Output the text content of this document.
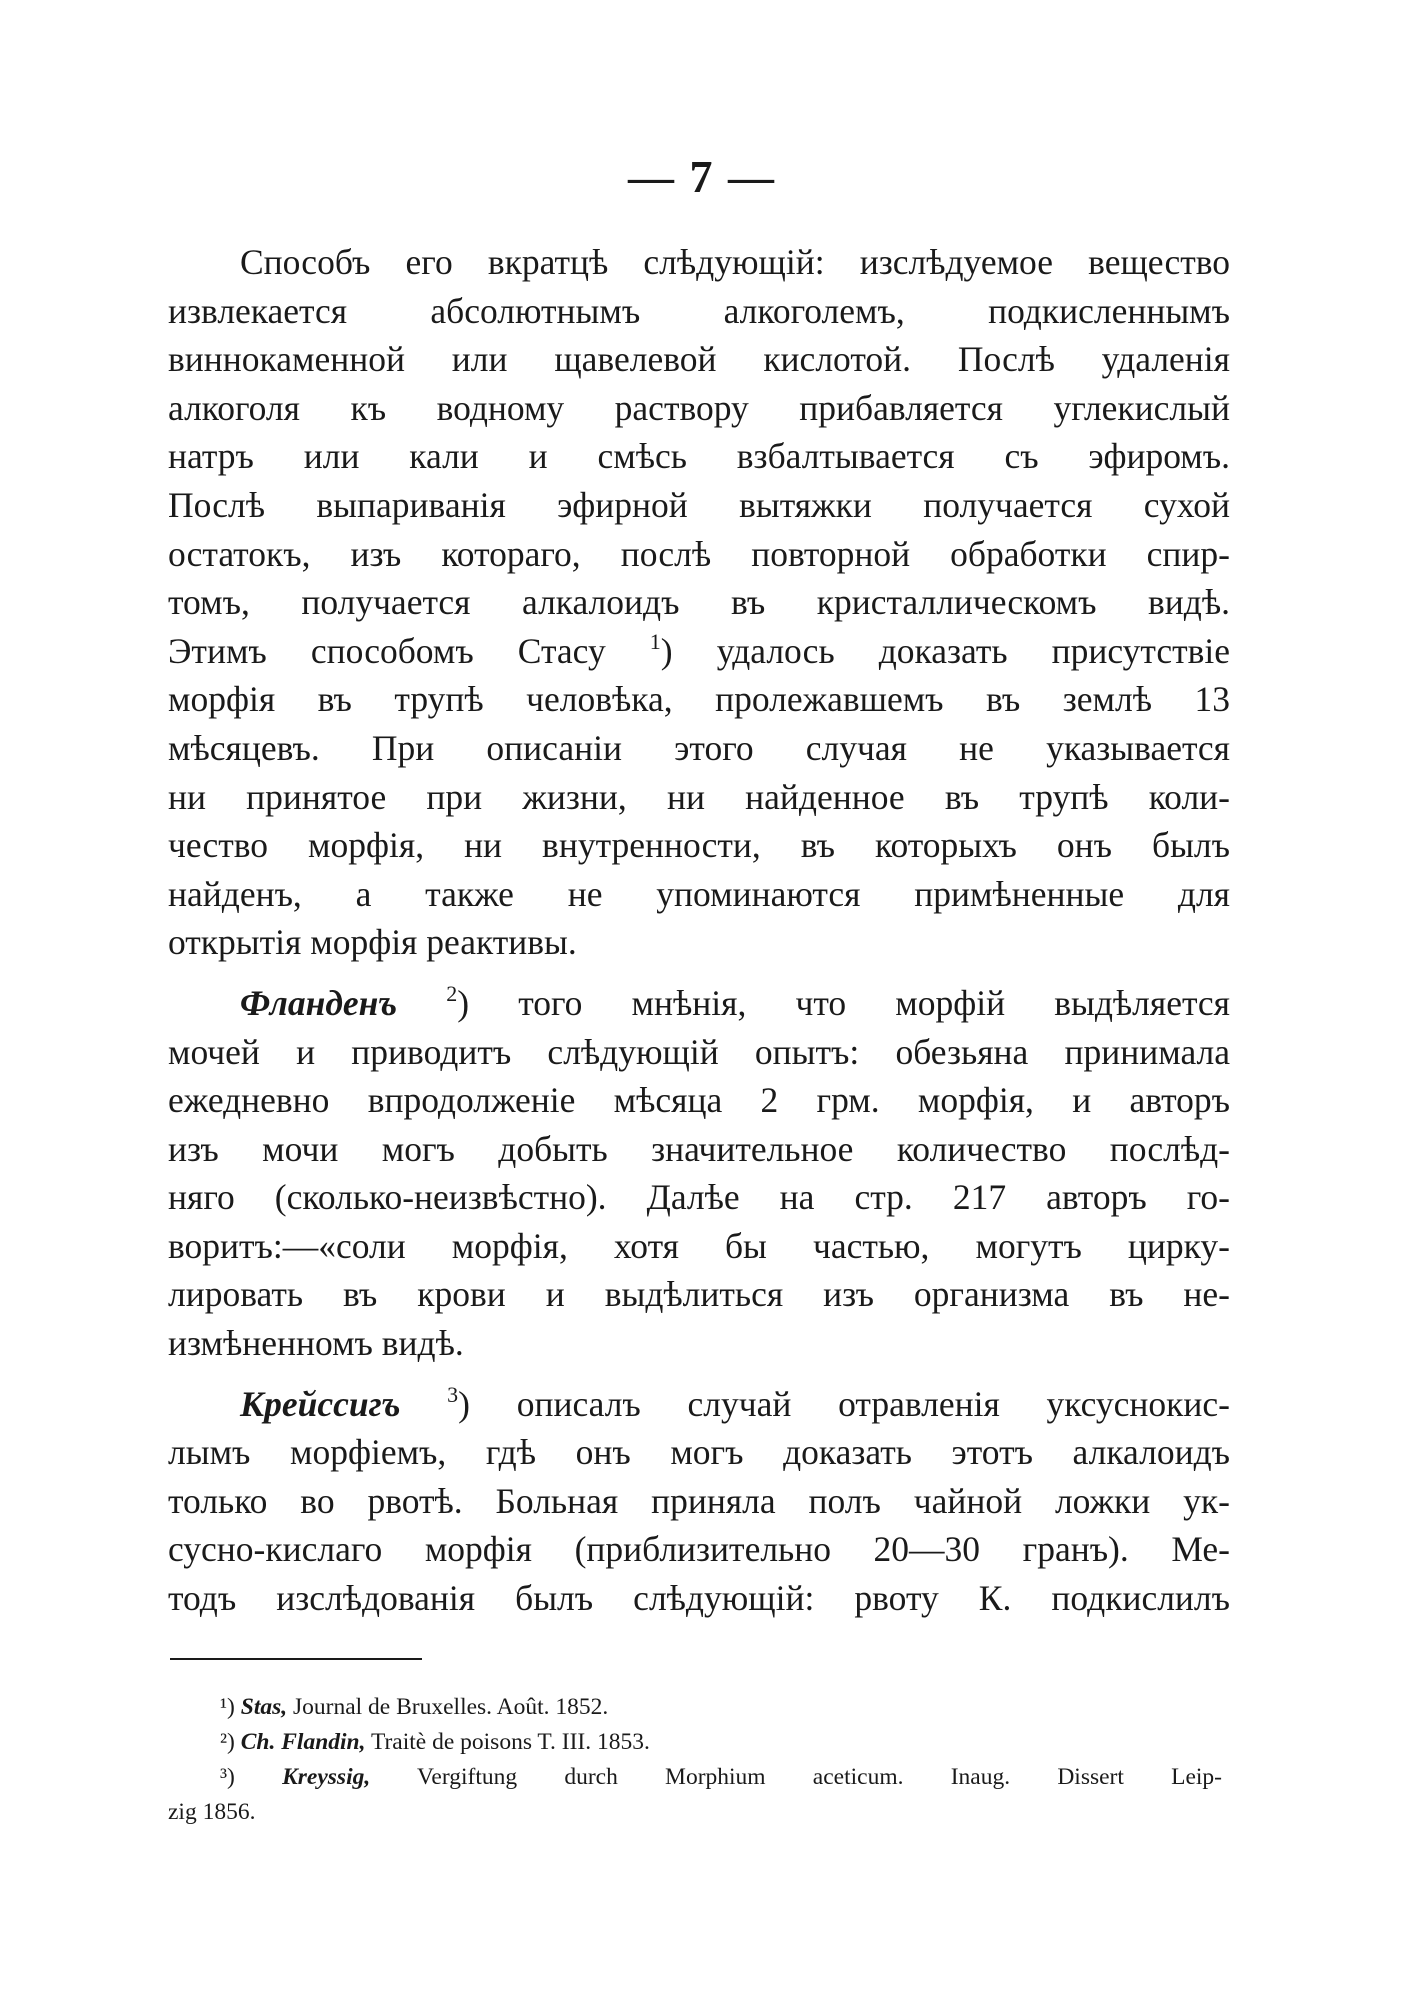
— 7 —
Способъ его вкратцѣ слѣдующій: изслѣдуемое вещество
извлекается абсолютнымъ алкоголемъ, подкисленнымъ
виннокаменной или щавелевой кислотой. Послѣ удаленія
алкоголя къ водному раствору прибавляется углекислый
натръ или кали и смѣсь взбалтывается съ эфиромъ.
Послѣ выпариванія эфирной вытяжки получается сухой
остатокъ, изъ котораго, послѣ повторной обработки спир-
томъ, получается алкалоидъ въ кристаллическомъ видѣ.
Этимъ способомъ Стасу $^1$) удалось доказать присутствіе
морфія въ трупѣ человѣка, пролежавшемъ въ землѣ 13
мѣсяцевъ. При описаніи этого случая не указывается
ни принятое при жизни, ни найденное въ трупѣ коли-
чество морфія, ни внутренности, въ которыхъ онъ былъ
найденъ, а также не упоминаются примѣненные для
открытія морфія реактивы.
Фланденъ $^2$) того мнѣнія, что морфій выдѣляется
мочей и приводитъ слѣдующій опытъ: обезьяна принимала
ежедневно впродолженіе мѣсяца 2 грм. морфія, и авторъ
изъ мочи могъ добыть значительное количество послѣд-
няго (сколько-неизвѣстно). Далѣе на стр. 217 авторъ го-
воритъ:—«соли морфія, хотя бы частью, могутъ цирку-
лировать въ крови и выдѣлиться изъ организма въ не-
измѣненномъ видѣ.
Крейссигъ $^3$) описалъ случай отравленія уксуснокис-
лымъ морфіемъ, гдѣ онъ могъ доказать этотъ алкалоидъ
только во рвотѣ. Больная приняла полъ чайной ложки ук-
сусно-кислаго морфія (приблизительно 20—30 гранъ). Ме-
тодъ изслѣдованія былъ слѣдующій: рвоту К. подкислилъ
¹) Stas, Journal de Bruxelles. Août. 1852.
²) Ch. Flandin, Traitè de poisons T. III. 1853.
³) Kreyssig, Vergiftung durch Morphium aceticum. Inaug. Dissert Leip-
zig 1856.
